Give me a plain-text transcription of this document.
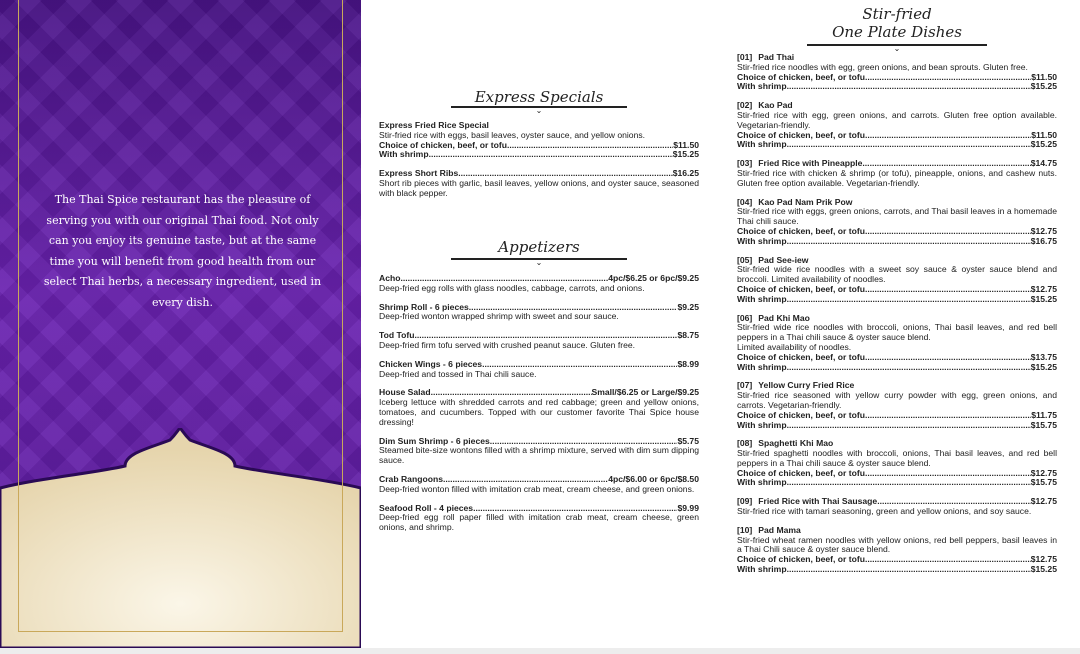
The Thai Spice restaurant has the pleasure of serving you with our original Thai food. Not only can you enjoy its genuine taste, but at the same time you will benefit from good health from our select Thai herbs, a necessary ingredient, used in every dish.
Express Specials
⌄
Express Fried Rice Special
Stir-fried rice with eggs, basil leaves, oyster sauce, and yellow onions.
Choice of chicken, beef, or tofu .....	$11.50
With shrimp .....	$15.25
Express Short Ribs .....	$16.25
Short rib pieces with garlic, basil leaves, yellow onions, and oyster sauce, seasoned with black pepper.
Appetizers
⌄
Acho .....	4pc/$6.25 or 6pc/$9.25
Deep-fried egg rolls with glass noodles, cabbage, carrots, and onions.
Shrimp Roll - 6 pieces .....	$9.25
Deep-fried wonton wrapped shrimp with sweet and sour sauce.
Tod Tofu .....	$8.75
Deep-fried firm tofu served with crushed peanut sauce. Gluten free.
Chicken Wings - 6 pieces .....	$8.99
Deep-fried and tossed in Thai chili sauce.
House Salad .....	Small/$6.25 or Large/$9.25
Iceberg lettuce with shredded carrots and red cabbage; green and yellow onions, tomatoes, and cucumbers. Topped with our customer favorite Thai Spice house dressing!
Dim Sum Shrimp - 6 pieces .....	$5.75
Steamed bite-size wontons filled with a shrimp mixture, served with dim sum dipping sauce.
Crab Rangoons .....	4pc/$6.00 or 6pc/$8.50
Deep-fried wonton filled with imitation crab meat, cream cheese, and green onions.
Seafood Roll - 4 pieces .....	$9.99
Deep-fried egg roll paper filled with imitation crab meat, cream cheese, green onions, and shrimp.
Stir-fried
One Plate Dishes
⌄
[01] Pad Thai
Stir-fried rice noodles with egg, green onions, and bean sprouts. Gluten free.
Choice of chicken, beef, or tofu .....	$11.50
With shrimp .....	$15.25
[02] Kao Pad
Stir-fried rice with egg, green onions, and carrots. Gluten free option available. Vegetarian-friendly.
Choice of chicken, beef, or tofu .....	$11.50
With shrimp .....	$15.25
[03] Fried Rice with Pineapple .....	$14.75
Stir-fried rice with chicken & shrimp (or tofu), pineapple, onions, and cashew nuts. Gluten free option available. Vegetarian-friendly.
[04] Kao Pad Nam Prik Pow
Stir-fried rice with eggs, green onions, carrots, and Thai basil leaves in a homemade Thai chili sauce.
Choice of chicken, beef, or tofu .....	$12.75
With shrimp .....	$16.75
[05] Pad See-iew
Stir-fried wide rice noodles with a sweet soy sauce & oyster sauce blend and broccoli. Limited availability of noodles.
Choice of chicken, beef, or tofu .....	$12.75
With shrimp .....	$15.25
[06] Pad Khi Mao
Stir-fried wide rice noodles with broccoli, onions, Thai basil leaves, and red bell peppers in a Thai chili sauce & oyster sauce blend.
Limited availability of noodles.
Choice of chicken, beef, or tofu .....	$13.75
With shrimp .....	$15.25
[07] Yellow Curry Fried Rice
Stir-fried rice seasoned with yellow curry powder with egg, green onions, and carrots. Vegetarian-friendly.
Choice of chicken, beef, or tofu .....	$11.75
With shrimp .....	$15.75
[08] Spaghetti Khi Mao
Stir-fried spaghetti noodles with broccoli, onions, Thai basil leaves, and red bell peppers in a Thai chili sauce & oyster sauce blend.
Choice of chicken, beef, or tofu .....	$12.75
With shrimp .....	$15.75
[09] Fried Rice with Thai Sausage .....	$12.75
Stir-fried rice with tamari seasoning, green and yellow onions, and soy sauce.
[10] Pad Mama
Stir-fried wheat ramen noodles with yellow onions, red bell peppers, basil leaves in a Thai Chili sauce & oyster sauce blend.
Choice of chicken, beef, or tofu .....	$12.75
With shrimp .....	$15.25
